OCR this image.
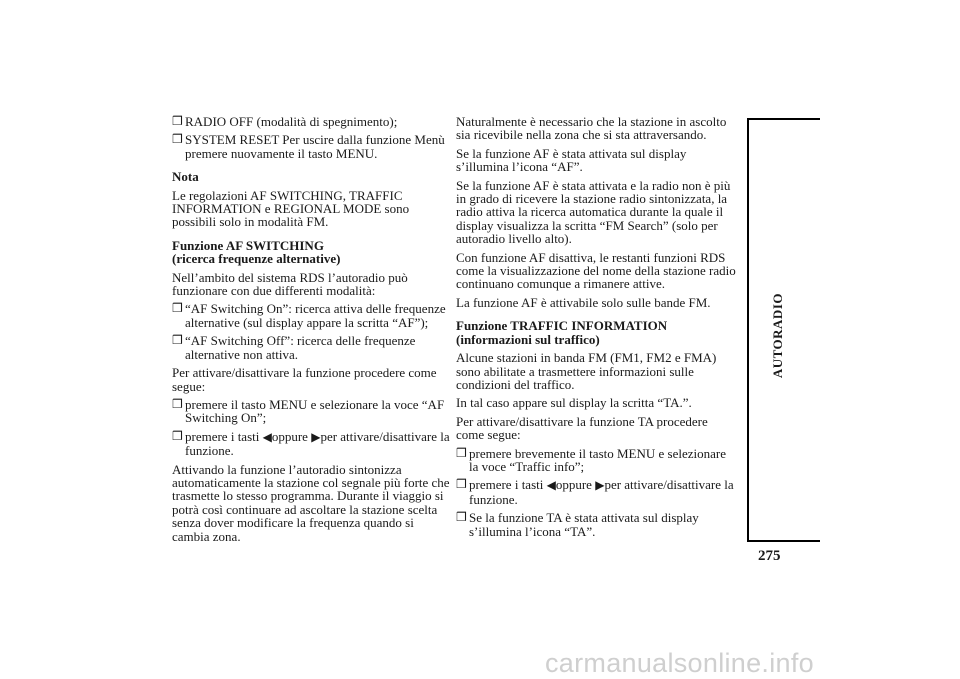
❒ RADIO OFF (modalità di spegnimento);
❒ SYSTEM RESET Per uscire dalla funzione Menù premere nuovamente il tasto MENU.

Nota

Le regolazioni AF SWITCHING, TRAFFIC INFORMATION e REGIONAL MODE sono possibili solo in modalità FM.

Funzione AF SWITCHING
(ricerca frequenze alternative)

Nell’ambito del sistema RDS l’autoradio può funzionare con due differenti modalità:

❒ “AF Switching On”: ricerca attiva delle frequenze alternative (sul display appare la scritta “AF”);
❒ “AF Switching Off”: ricerca delle frequenze alternative non attiva.

Per attivare/disattivare la funzione procedere come segue:

❒ premere il tasto MENU e selezionare la voce “AF Switching On”;
❒ premere i tasti ◀oppure ▶per attivare/disattivare la funzione.

Attivando la funzione l’autoradio sintonizza automaticamente la stazione col segnale più forte che trasmette lo stesso programma. Durante il viaggio si potrà così continuare ad ascoltare la stazione scelta senza dover modificare la frequenza quando si cambia zona.

Naturalmente è necessario che la stazione in ascolto sia ricevibile nella zona che si sta attraversando.

Se la funzione AF è stata attivata sul display s’illumina l’icona “AF”.

Se la funzione AF è stata attivata e la radio non è più in grado di ricevere la stazione radio sintonizzata, la radio attiva la ricerca automatica durante la quale il display visualizza la scritta “FM Search” (solo per autoradio livello alto).

Con funzione AF disattiva, le restanti funzioni RDS come la visualizzazione del nome della stazione radio continuano comunque a rimanere attive.

La funzione AF è attivabile solo sulle bande FM.

Funzione TRAFFIC INFORMATION
(informazioni sul traffico)

Alcune stazioni in banda FM (FM1, FM2 e FMA) sono abilitate a trasmettere informazioni sulle condizioni del traffico.

In tal caso appare sul display la scritta “TA.”.

Per attivare/disattivare la funzione TA procedere come segue:

❒ premere brevemente il tasto MENU e selezionare la voce “Traffic info”;
❒ premere i tasti ◀oppure ▶per attivare/disattivare la funzione.
❒ Se la funzione TA è stata attivata sul display s’illumina l’icona “TA”.
AUTORADIO
275
carmanualsonline.info
